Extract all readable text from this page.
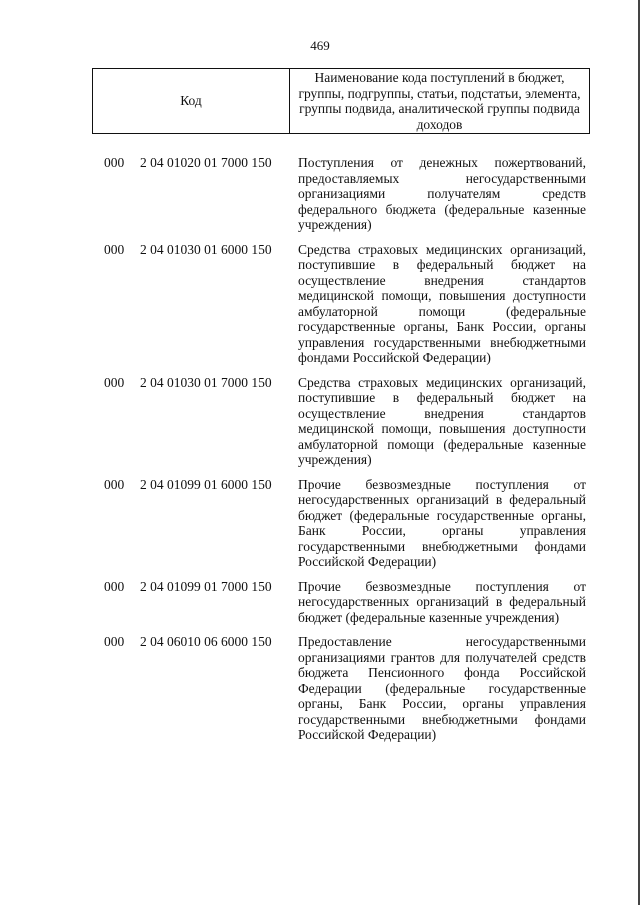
469
Код
Наименование кода поступлений в бюджет, группы, подгруппы, статьи, подстатьи, элемента, группы подвида, аналитической группы подвида доходов
000 2 04 01020 01 7000 150 Поступления от денежных пожертвований, предоставляемых негосударственными организациями получателям средств федерального бюджета (федеральные казенные учреждения)
000 2 04 01030 01 6000 150 Средства страховых медицинских организаций, поступившие в федеральный бюджет на осуществление внедрения стандартов медицинской помощи, повышения доступности амбулаторной помощи (федеральные государственные органы, Банк России, органы управления государственными внебюджетными фондами Российской Федерации)
000 2 04 01030 01 7000 150 Средства страховых медицинских организаций, поступившие в федеральный бюджет на осуществление внедрения стандартов медицинской помощи, повышения доступности амбулаторной помощи (федеральные казенные учреждения)
000 2 04 01099 01 6000 150 Прочие безвозмездные поступления от негосударственных организаций в федеральный бюджет (федеральные государственные органы, Банк России, органы управления государственными внебюджетными фондами Российской Федерации)
000 2 04 01099 01 7000 150 Прочие безвозмездные поступления от негосударственных организаций в федеральный бюджет (федеральные казенные учреждения)
000 2 04 06010 06 6000 150 Предоставление негосударственными организациями грантов для получателей средств бюджета Пенсионного фонда Российской Федерации (федеральные государственные органы, Банк России, органы управления государственными внебюджетными фондами Российской Федерации)
